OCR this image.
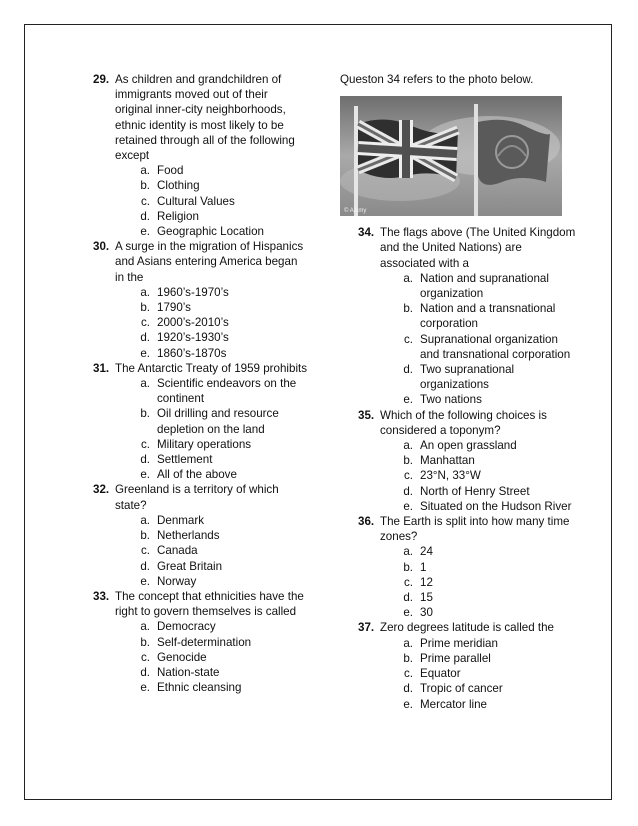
29. As children and grandchildren of immigrants moved out of their original inner-city neighborhoods, ethnic identity is most likely to be retained through all of the following except
a. Food
b. Clothing
c. Cultural Values
d. Religion
e. Geographic Location
30. A surge in the migration of Hispanics and Asians entering America began in the
a. 1960’s-1970’s
b. 1790’s
c. 2000’s-2010’s
d. 1920’s-1930’s
e. 1860’s-1870s
31. The Antarctic Treaty of 1959 prohibits
a. Scientific endeavors on the continent
b. Oil drilling and resource depletion on the land
c. Military operations
d. Settlement
e. All of the above
32. Greenland is a territory of which state?
a. Denmark
b. Netherlands
c. Canada
d. Great Britain
e. Norway
33. The concept that ethnicities have the right to govern themselves is called
a. Democracy
b. Self-determination
c. Genocide
d. Nation-state
e. Ethnic cleansing

Queston 34 refers to the photo below.

© Alamy
34. The flags above (The United Kingdom and the United Nations) are associated with a
a. Nation and supranational organization
b. Nation and a transnational corporation
c. Supranational organization and transnational corporation
d. Two supranational organizations
e. Two nations
35. Which of the following choices is considered a toponym?
a. An open grassland
b. Manhattan
c. 23°N, 33°W
d. North of Henry Street
e. Situated on the Hudson River
36. The Earth is split into how many time zones?
a. 24
b. 1
c. 12
d. 15
e. 30
37. Zero degrees latitude is called the
a. Prime meridian
b. Prime parallel
c. Equator
d. Tropic of cancer
e. Mercator line
